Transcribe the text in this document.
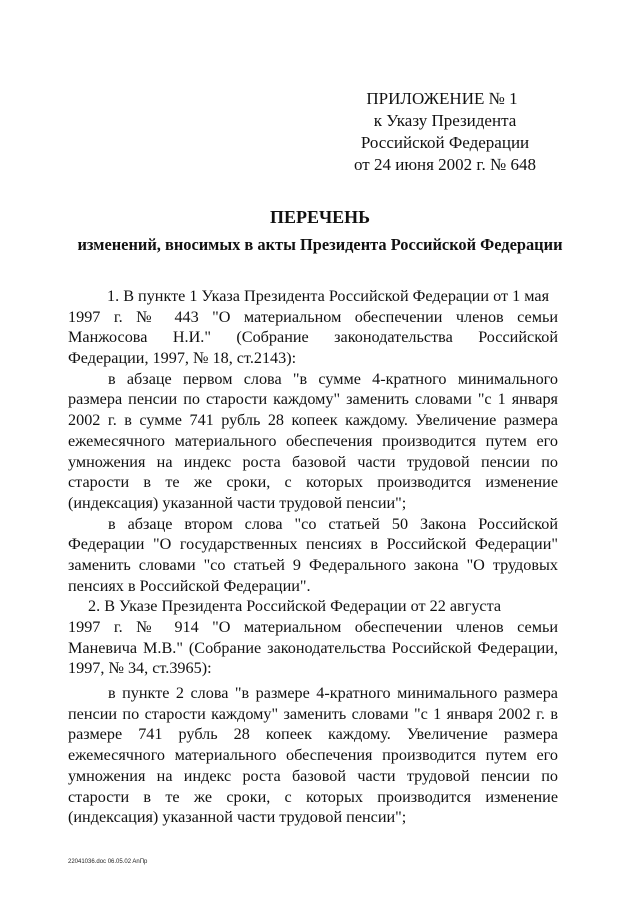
ПРИЛОЖЕНИЕ № 1
к Указу Президента
Российской Федерации
от 24 июня 2002 г. № 648
ПЕРЕЧЕНЬ
изменений, вносимых в акты Президента Российской Федерации
1. В пункте 1 Указа Президента Российской Федерации от 1 мая
1997 г. № 443 "О материальном обеспечении членов семьи
Манжосова Н.И." (Собрание законодательства Российской
Федерации, 1997, № 18, ст.2143):
в абзаце первом слова "в сумме 4-кратного минимального
размера пенсии по старости каждому" заменить словами "с 1 января
2002 г. в сумме 741 рубль 28 копеек каждому. Увеличение размера
ежемесячного материального обеспечения производится путем его
умножения на индекс роста базовой части трудовой пенсии по
старости в те же сроки, с которых производится изменение
(индексация) указанной части трудовой пенсии";
в абзаце втором слова "со статьей 50 Закона Российской
Федерации "О государственных пенсиях в Российской Федерации"
заменить словами "со статьей 9 Федерального закона "О трудовых
пенсиях в Российской Федерации".
2. В Указе Президента Российской Федерации от 22 августа
1997 г. № 914 "О материальном обеспечении членов семьи
Маневича М.В." (Собрание законодательства Российской Федерации,
1997, № 34, ст.3965):
в пункте 2 слова "в размере 4-кратного минимального размера
пенсии по старости каждому" заменить словами "с 1 января 2002 г. в
размере 741 рубль 28 копеек каждому. Увеличение размера
ежемесячного материального обеспечения производится путем его
умножения на индекс роста базовой части трудовой пенсии по
старости в те же сроки, с которых производится изменение
(индексация) указанной части трудовой пенсии";
22041036.doc 06.05.02 AnПр
